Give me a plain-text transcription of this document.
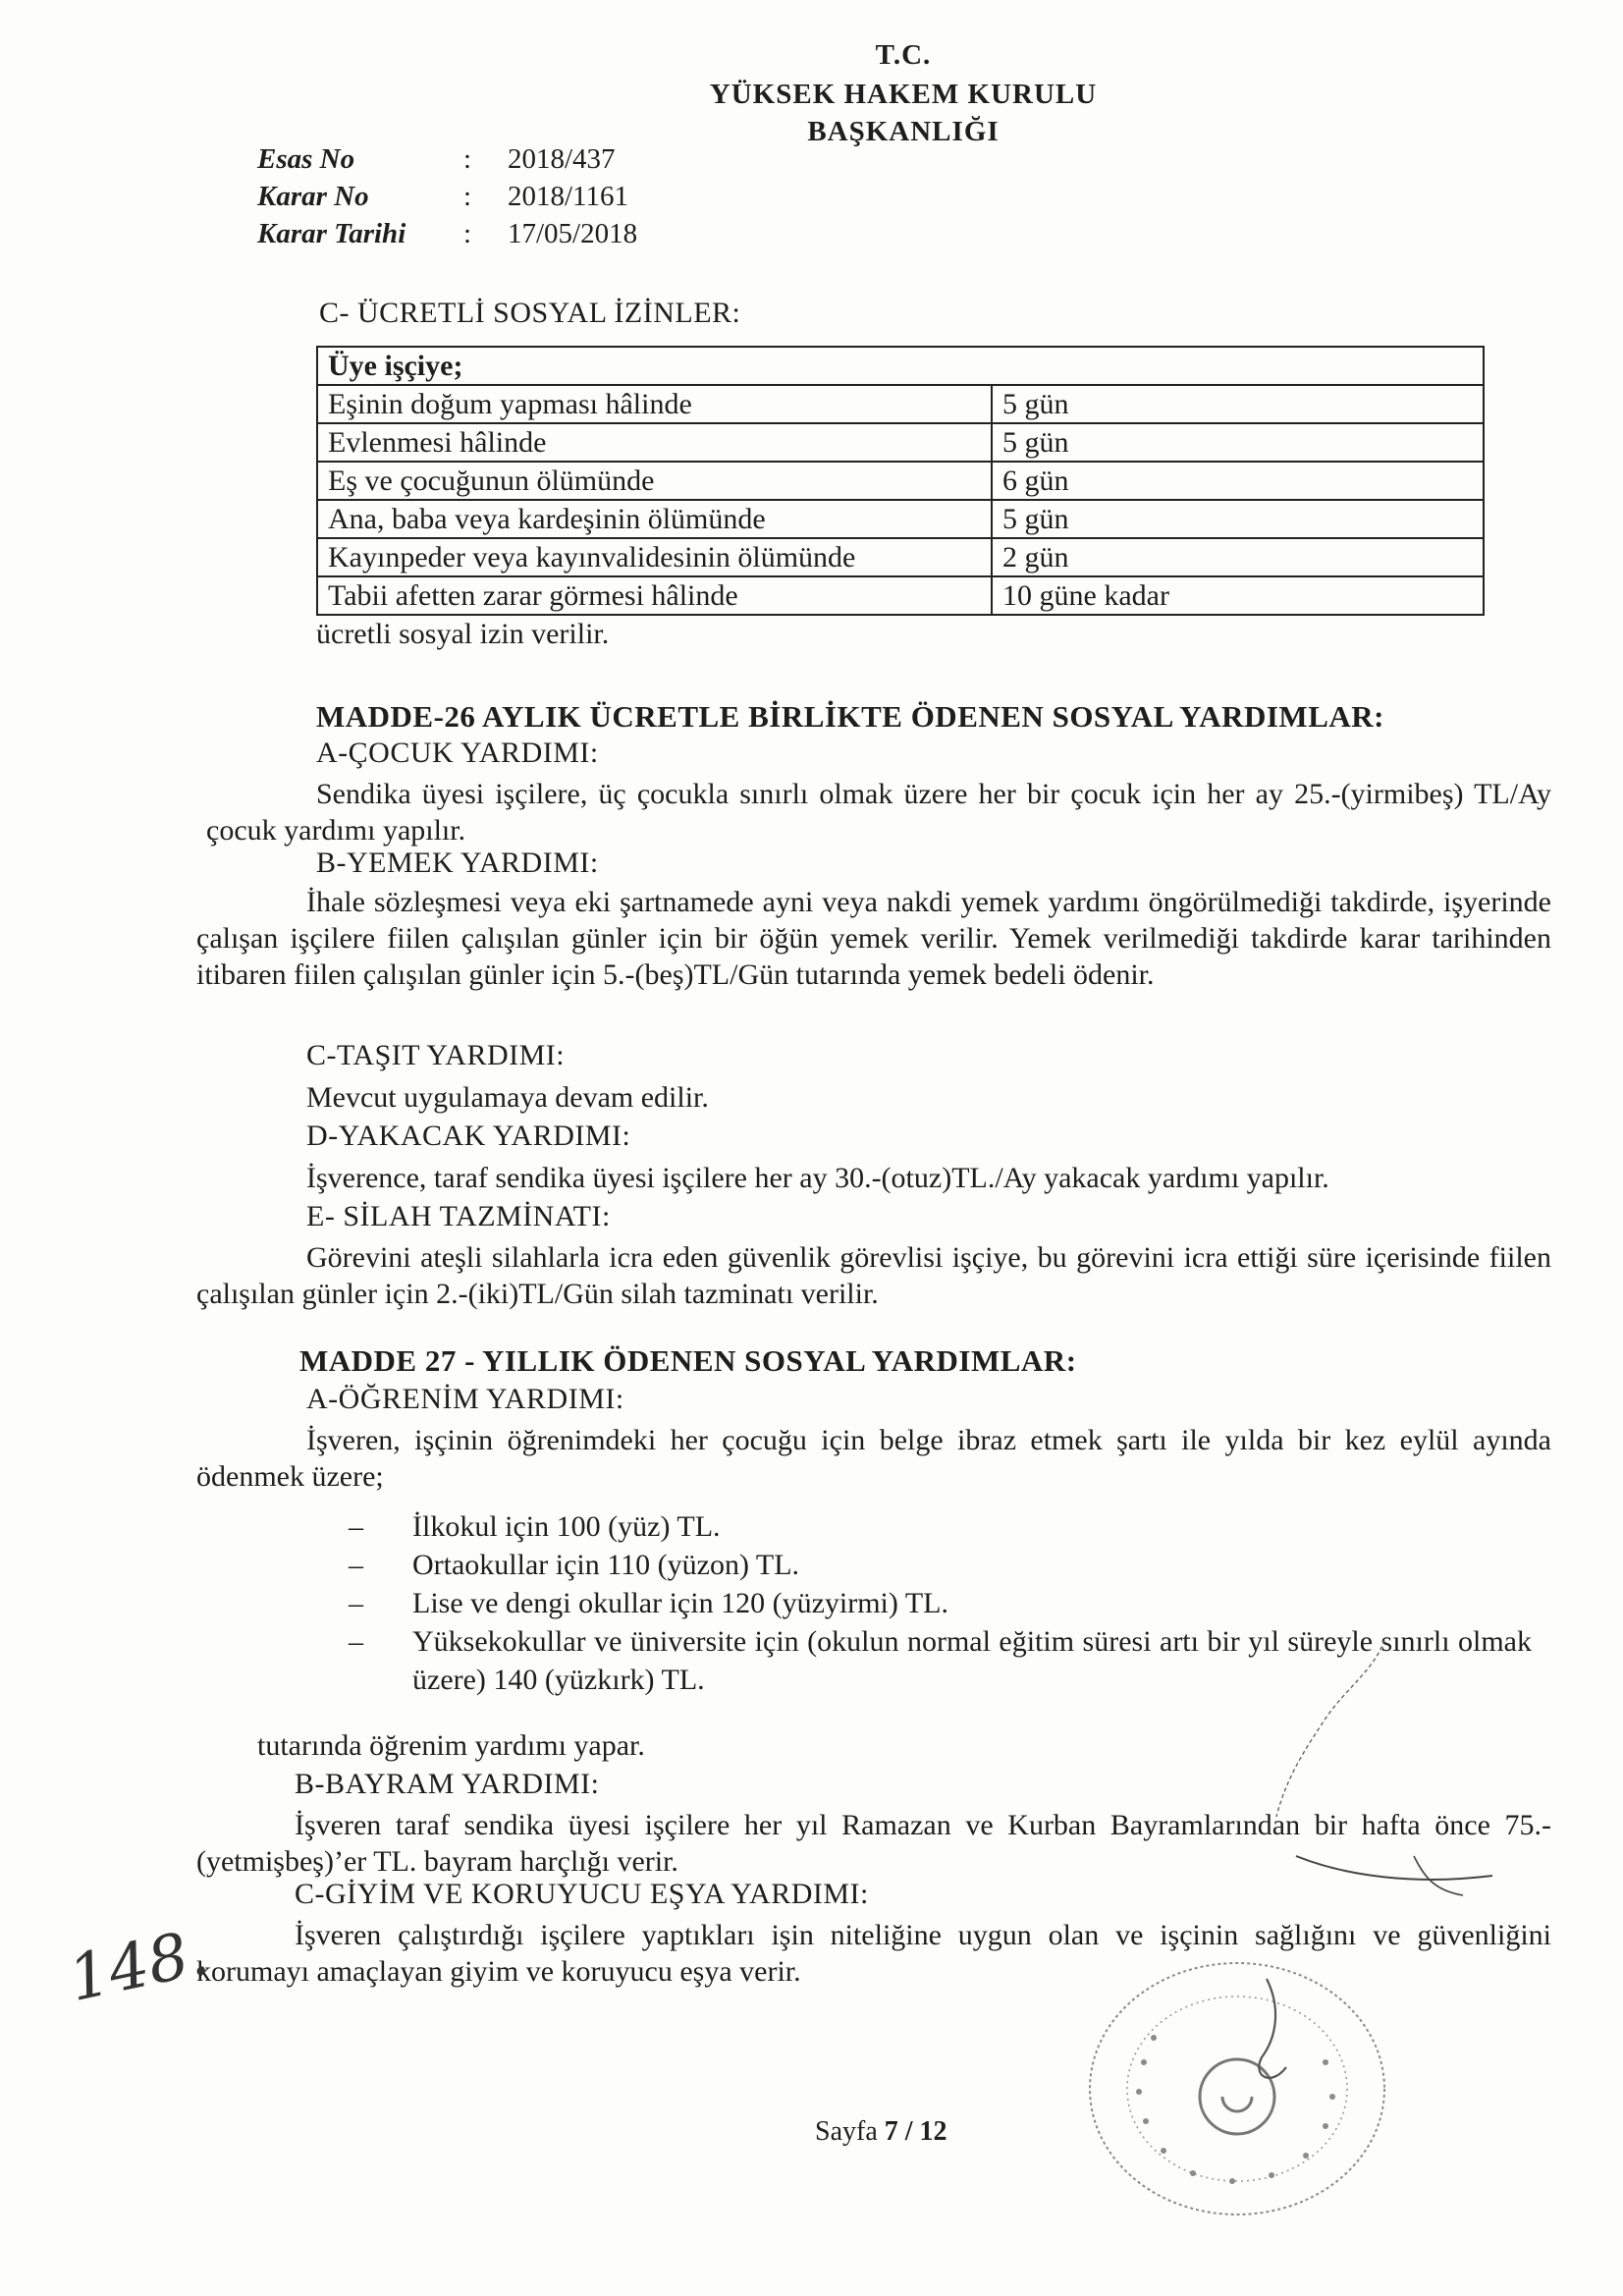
T.C.
YÜKSEK HAKEM KURULU
BAŞKANLIĞI
Esas No	: 2018/437
Karar No	: 2018/1161
Karar Tarihi	: 17/05/2018
C- ÜCRETLİ SOSYAL İZİNLER:
Üye işçiye;	
Eşinin doğum yapması hâlinde	5 gün
Evlenmesi hâlinde	5 gün
Eş ve çocuğunun ölümünde	6 gün
Ana, baba veya kardeşinin ölümünde	5 gün
Kayınpeder veya kayınvalidesinin ölümünde	2 gün
Tabii afetten zarar görmesi hâlinde	10 güne kadar
ücretli sosyal izin verilir.
MADDE-26 AYLIK ÜCRETLE BİRLİKTE ÖDENEN SOSYAL YARDIMLAR:
A-ÇOCUK YARDIMI:
Sendika üyesi işçilere, üç çocukla sınırlı olmak üzere her bir çocuk için her ay 25.-(yirmibeş) TL/Ay çocuk yardımı yapılır.
B-YEMEK YARDIMI:
İhale sözleşmesi veya eki şartnamede ayni veya nakdi yemek yardımı öngörülmediği takdirde, işyerinde çalışan işçilere fiilen çalışılan günler için bir öğün yemek verilir. Yemek verilmediği takdirde karar tarihinden itibaren fiilen çalışılan günler için 5.-(beş)TL/Gün tutarında yemek bedeli ödenir.
C-TAŞIT YARDIMI:
Mevcut uygulamaya devam edilir.
D-YAKACAK YARDIMI:
İşverence, taraf sendika üyesi işçilere her ay 30.-(otuz)TL./Ay yakacak yardımı yapılır.
E- SİLAH TAZMİNATI:
Görevini ateşli silahlarla icra eden güvenlik görevlisi işçiye, bu görevini icra ettiği süre içerisinde fiilen çalışılan günler için 2.-(iki)TL/Gün silah tazminatı verilir.
MADDE 27 - YILLIK ÖDENEN SOSYAL YARDIMLAR:
A-ÖĞRENİM YARDIMI:
İşveren, işçinin öğrenimdeki her çocuğu için belge ibraz etmek şartı ile yılda bir kez eylül ayında ödenmek üzere;
– İlkokul için 100 (yüz) TL.
– Ortaokullar için 110 (yüzon) TL.
– Lise ve dengi okullar için 120 (yüzyirmi) TL.
– Yüksekokullar ve üniversite için (okulun normal eğitim süresi artı bir yıl süreyle sınırlı olmak üzere) 140 (yüzkırk) TL.
tutarında öğrenim yardımı yapar.
B-BAYRAM YARDIMI:
İşveren taraf sendika üyesi işçilere her yıl Ramazan ve Kurban Bayramlarından bir hafta önce 75.-(yetmişbeş)’er TL. bayram harçlığı verir.
C-GİYİM VE KORUYUCU EŞYA YARDIMI:
İşveren çalıştırdığı işçilere yaptıkları işin niteliğine uygun olan ve işçinin sağlığını ve güvenliğini korumayı amaçlayan giyim ve koruyucu eşya verir.
148.
Sayfa 7 / 12
